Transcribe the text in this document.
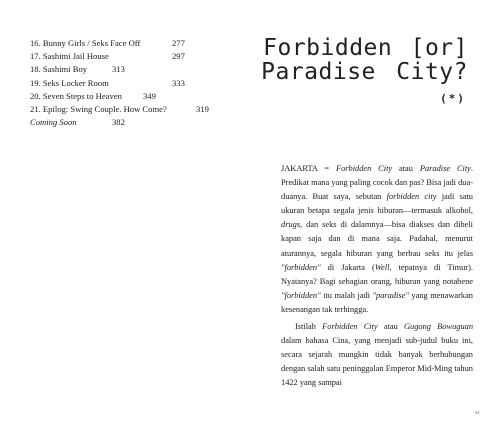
16. Bunny Girls / Seks Face Off	277
17. Sashimi Jail House	297
18. Sashimi Boy	313
19. Seks Locker Room	333
20. Seven Steps to Heaven 349
21. Epilog: Swing Couple. How Come?	319
Coming Soon	382
Forbidden [or]
Paradise City?
(*)

JAKARTA = Forbidden City atau Paradise City. Predikat mana yang paling cocok dan pas? Bisa jadi dua-duanya. Buat saya, sebutan forbidden city jadi satu ukuran betapa segala jenis hiburan—termasuk alkohol, drugs, dan seks di dalamnya—bisa diakses dan dibeli kapan saja dan di mana saja. Padahal, menurut aturannya, segala hiburan yang berbau seks itu jelas "forbidden" di Jakarta (Well, tepatnya di Timur). Nyatanya? Bagi sebagian orang, hiburan yang notabene "forbidden" itu malah jadi "paradise" yang menawarkan kesenangan tak terhingga.

Istilah Forbidden City atau Gugong Bowuguan dalam bahasa Cina, yang menjadi sub-judul buku ini, secara sejarah mungkin tidak banyak berhubungan dengan salah satu peninggalan Emperor Mid-Ming tahun 1422 yang sampai

xi
